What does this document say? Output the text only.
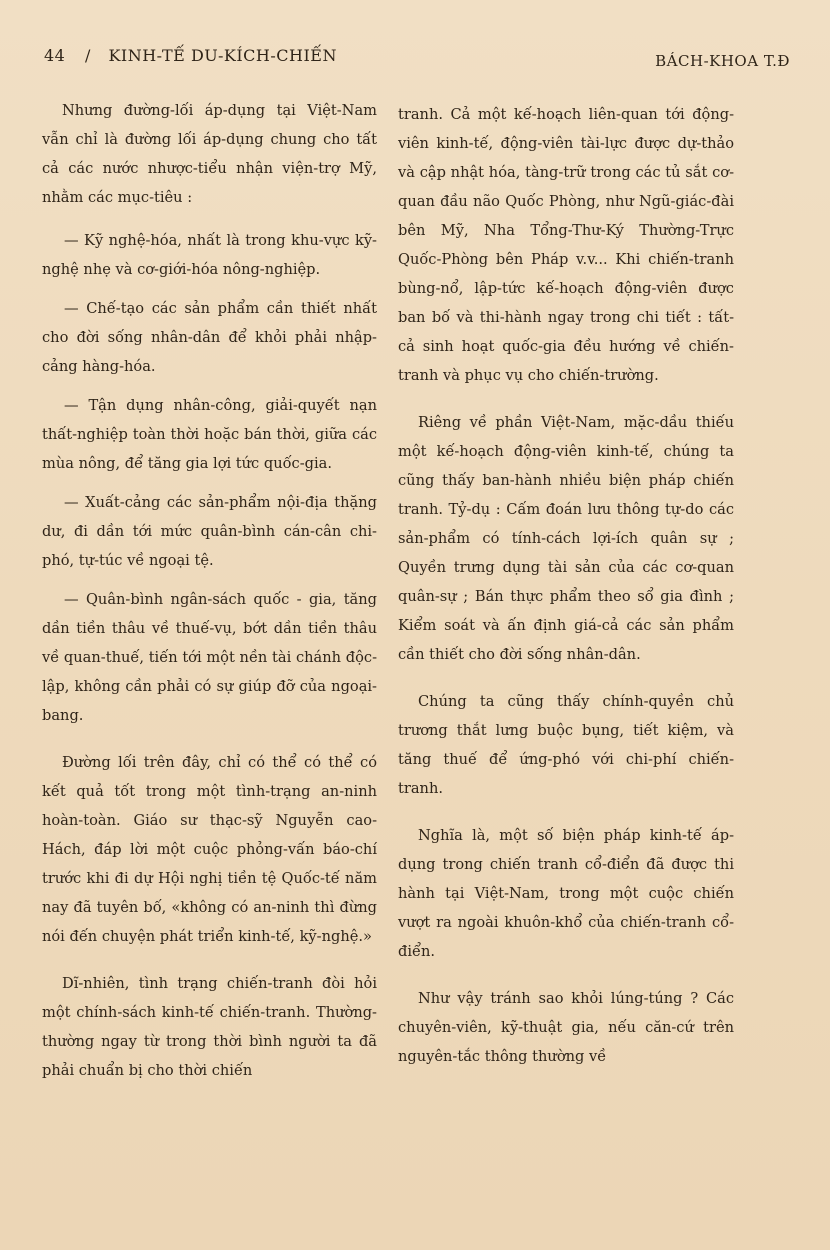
44 / KINH-TẾ DU-KÍCH-CHIẾN	BÁCH-KHOA T.Đ

Nhưng đường-lối áp-dụng tại Việt-Nam vẫn chỉ là đường lối áp-dụng chung cho tất cả các nước nhược-tiểu nhận viện-trợ Mỹ, nhằm các mục-tiêu :

— Kỹ nghệ-hóa, nhất là trong khu-vực kỹ-nghệ nhẹ và cơ-giới-hóa nông-nghiệp.

— Chế-tạo các sản phẩm cần thiết nhất cho đời sống nhân-dân để khỏi phải nhập-cảng hàng-hóa.

— Tận dụng nhân-công, giải-quyết nạn thất-nghiệp toàn thời hoặc bán thời, giữa các mùa nông, để tăng gia lợi tức quốc-gia.

— Xuất-cảng các sản-phẩm nội-địa thặng dư, đi dần tới mức quân-bình cán-cân chi-phó, tự-túc về ngoại tệ.

— Quân-bình ngân-sách quốc - gia, tăng dần tiền thâu về thuế-vụ, bớt dần tiền thâu về quan-thuế, tiến tới một nền tài chánh độc-lập, không cần phải có sự giúp đỡ của ngoại-bang.

Đường lối trên đây, chỉ có thể có thể có kết quả tốt trong một tình-trạng an-ninh hoàn-toàn. Giáo sư thạc-sỹ Nguyễn cao-Hách, đáp lời một cuộc phỏng-vấn báo-chí trước khi đi dự Hội nghị tiền tệ Quốc-tế năm nay đã tuyên bố, «không có an-ninh thì đừng nói đến chuyện phát triển kinh-tế, kỹ-nghệ.»

Dĩ-nhiên, tình trạng chiến-tranh đòi hỏi một chính-sách kinh-tế chiến-tranh. Thường-thường ngay từ trong thời bình người ta đã phải chuẩn bị cho thời chiến

tranh. Cả một kế-hoạch liên-quan tới động-viên kinh-tế, động-viên tài-lực được dự-thảo và cập nhật hóa, tàng-trữ trong các tủ sắt cơ-quan đầu não Quốc Phòng, như Ngũ-giác-đài bên Mỹ, Nha Tổng-Thư-Ký Thường-Trực Quốc-Phòng bên Pháp v.v... Khi chiến-tranh bùng-nổ, lập-tức kế-hoạch động-viên được ban bố và thi-hành ngay trong chi tiết : tất-cả sinh hoạt quốc-gia đều hướng về chiến-tranh và phục vụ cho chiến-trường.

Riêng về phần Việt-Nam, mặc-dầu thiếu một kế-hoạch động-viên kinh-tế, chúng ta cũng thấy ban-hành nhiều biện pháp chiến tranh. Tỷ-dụ : Cấm đoán lưu thông tự-do các sản-phẩm có tính-cách lợi-ích quân sự ; Quyền trưng dụng tài sản của các cơ-quan quân-sự ; Bán thực phẩm theo sổ gia đình ; Kiểm soát và ấn định giá-cả các sản phẩm cần thiết cho đời sống nhân-dân.

Chúng ta cũng thấy chính-quyền chủ trương thắt lưng buộc bụng, tiết kiệm, và tăng thuế để ứng-phó với chi-phí chiến-tranh.

Nghĩa là, một số biện pháp kinh-tế áp-dụng trong chiến tranh cổ-điển đã được thi hành tại Việt-Nam, trong một cuộc chiến vượt ra ngoài khuôn-khổ của chiến-tranh cổ-điển.

Như vậy tránh sao khỏi lúng-túng ? Các chuyên-viên, kỹ-thuật gia, nếu căn-cứ trên nguyên-tắc thông thường về
